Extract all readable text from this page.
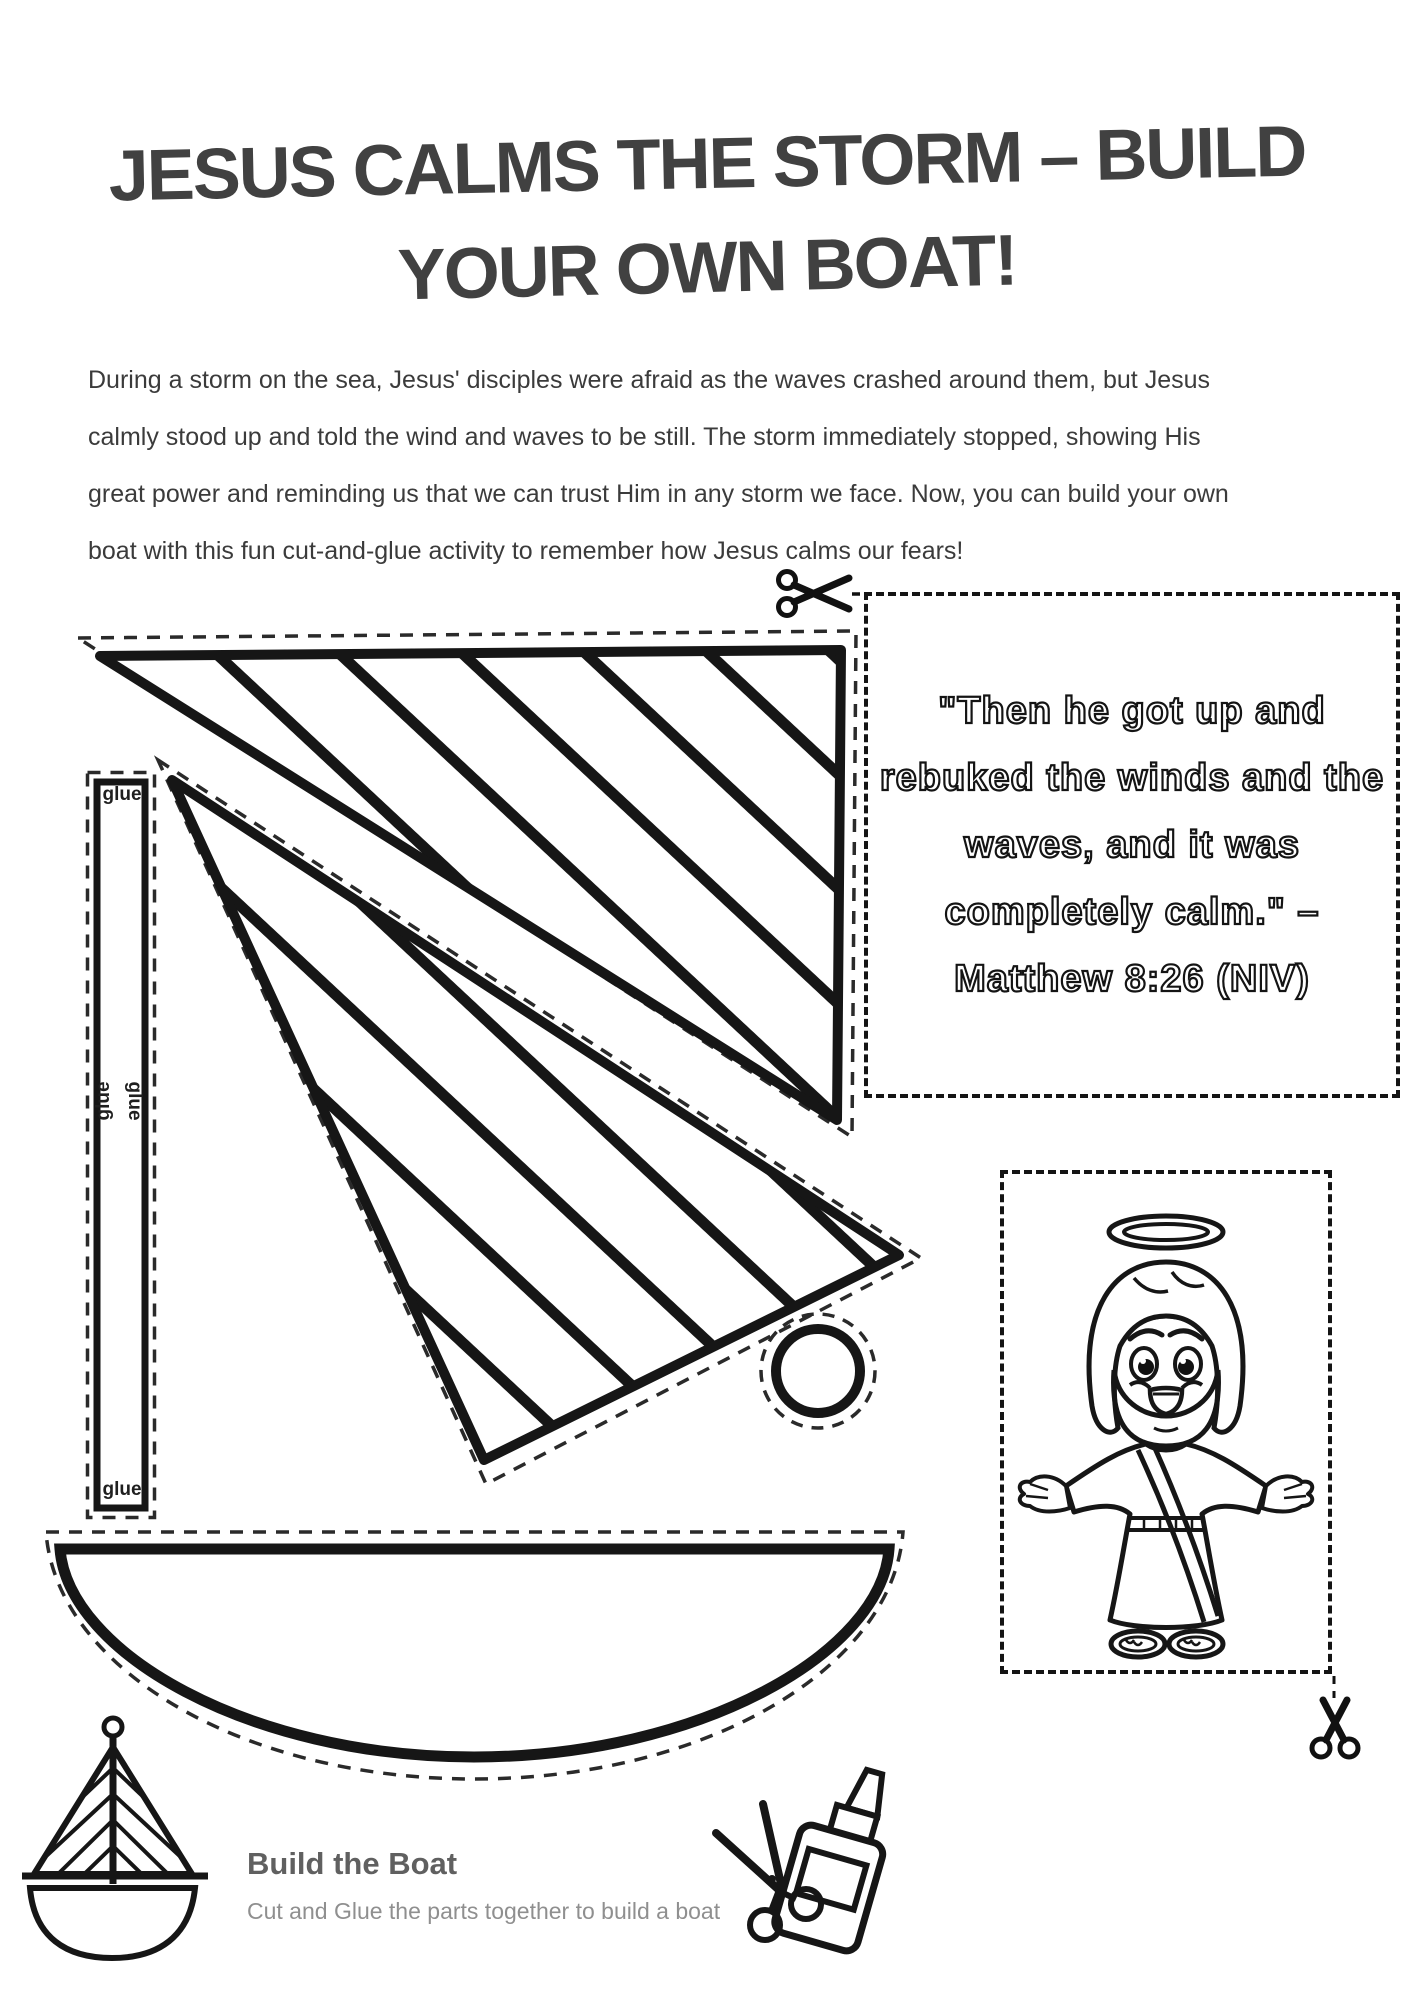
JESUS CALMS THE STORM – BUILD
YOUR OWN BOAT!
During a storm on the sea, Jesus' disciples were afraid as the waves crashed around them, but Jesus
calmly stood up and told the wind and waves to be still. The storm immediately stopped, showing His
great power and reminding us that we can trust Him in any storm we face. Now, you can build your own
boat with this fun cut-and-glue activity to remember how Jesus calms our fears!
"Then he got up and
rebuked the winds and the
waves, and it was
completely calm." –
Matthew 8:26 (NIV)
glue
glue glue
glue
Build the Boat
Cut and Glue the parts together to build a boat
